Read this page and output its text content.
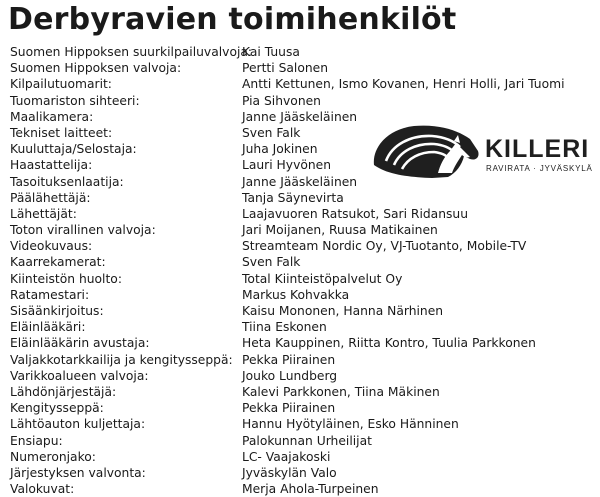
Derbyravien toimihenkilöt
Suomen Hippoksen suurkilpailuvalvoja:
Kai Tuusa
Suomen Hippoksen valvoja:	Pertti Salonen
Kilpailutuomarit:	Antti Kettunen, Ismo Kovanen, Henri Holli, Jari Tuomi
Tuomariston sihteeri:	Pia Sihvonen
Maalikamera:	Janne Jääskeläinen
Tekniset laitteet:	Sven Falk
Kuuluttaja/Selostaja:	Juha Jokinen
Haastattelija:	Lauri Hyvönen
Tasoituksenlaatija:	Janne Jääskeläinen
Päälähettäjä:	Tanja Säynevirta
Lähettäjät:	Laajavuoren Ratsukot, Sari Ridansuu
Toton virallinen valvoja:	Jari Moijanen, Ruusa Matikainen
Videokuvaus:	Streamteam Nordic Oy, VJ-Tuotanto, Mobile-TV
Kaarrekamerat:	Sven Falk
Kiinteistön huolto:	Total Kiinteistöpalvelut Oy
Ratamestari:	Markus Kohvakka
Sisäänkirjoitus:	Kaisu Mononen, Hanna Närhinen
Eläinlääkäri:	Tiina Eskonen
Eläinlääkärin avustaja:	Heta Kauppinen, Riitta Kontro, Tuulia Parkkonen
Valjakkotarkkailija ja kengitysseppä: Pekka Piirainen
Varikkoalueen valvoja:	Jouko Lundberg
Lähdönjärjestäjä:	Kalevi Parkkonen, Tiina Mäkinen
Kengitysseppä:	Pekka Piirainen
Lähtöauton kuljettaja:	Hannu Hyötyläinen, Esko Hänninen
Ensiapu:	Palokunnan Urheilijat
Numeronjako:	LC- Vaajakoski
Järjestyksen valvonta:	Jyväskylän Valo
Valokuvat:	Merja Ahola-Turpeinen
KILLERI
RAVIRATA · JYVÄSKYLÄ
